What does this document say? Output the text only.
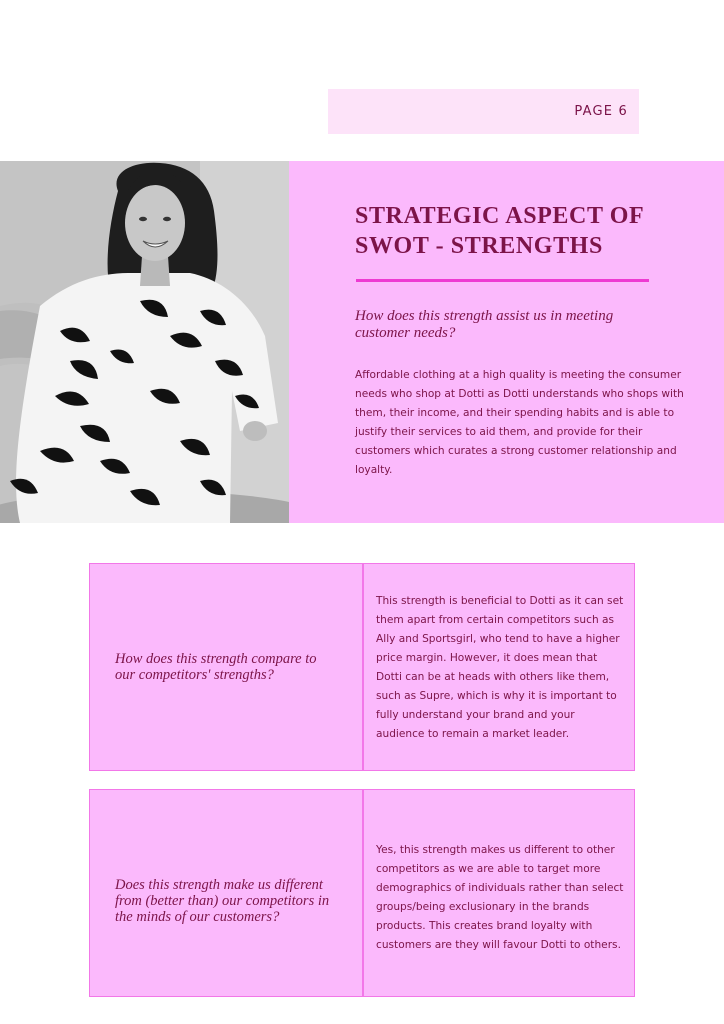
PAGE 6
STRATEGIC ASPECT OF SWOT - STRENGTHS

How does this strength assist us in meeting customer needs?

Affordable clothing at a high quality is meeting the consumer needs who shop at Dotti as Dotti understands who shops with them, their income, and their spending habits and is able to justify their services to aid them, and provide for their customers which curates a strong customer relationship and loyalty.

How does this strength compare to our competitors' strengths?

This strength is beneficial to Dotti as it can set them apart from certain competitors such as Ally and Sportsgirl, who tend to have a higher price margin. However, it does mean that Dotti can be at heads with others like them, such as Supre, which is why it is important to fully understand your brand and your audience to remain a market leader.

Does this strength make us different from (better than) our competitors in the minds of our customers?

Yes, this strength makes us different to other competitors as we are able to target more demographics of individuals rather than select groups/being exclusionary in the brands products. This creates brand loyalty with customers are they will favour Dotti to others.
